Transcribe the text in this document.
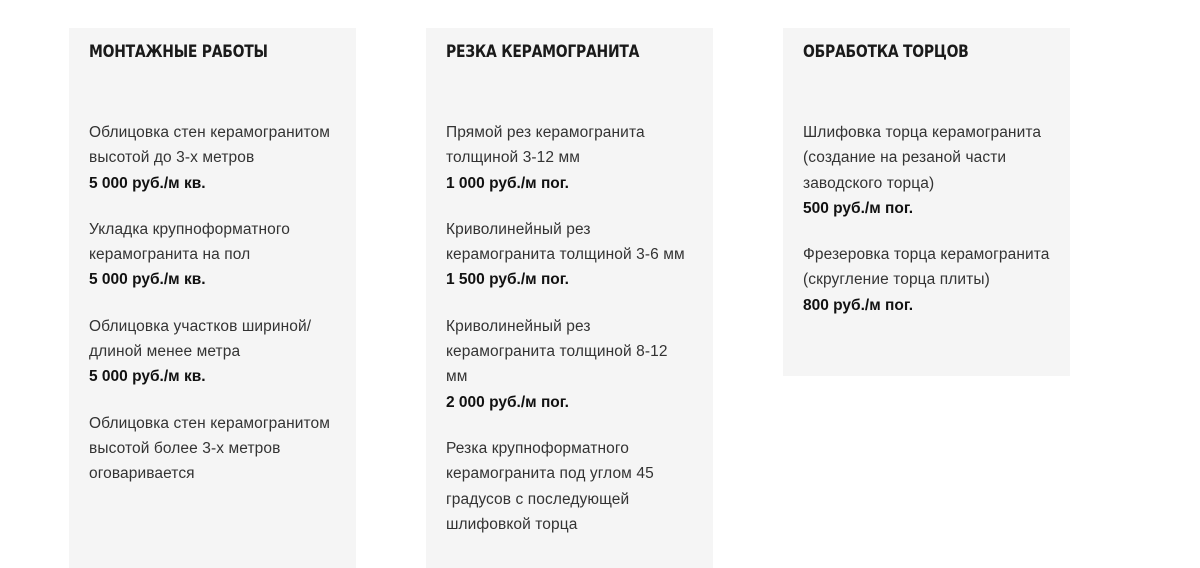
МОНТАЖНЫЕ РАБОТЫ
Облицовка стен керамогранитом высотой до 3-х метров
5 000 руб./м кв.
Укладка крупноформатного керамогранита на пол
5 000 руб./м кв.
Облицовка участков шириной/ длиной менее метра
5 000 руб./м кв.
Облицовка стен керамогранитом высотой более 3-х метров оговаривается
РЕЗКА КЕРАМОГРАНИТА
Прямой рез керамогранита толщиной 3-12 мм
1 000 руб./м пог.
Криволинейный рез керамогранита толщиной 3-6 мм
1 500 руб./м пог.
Криволинейный рез керамогранита толщиной 8-12 мм
2 000 руб./м пог.
Резка крупноформатного керамогранита под углом 45 градусов с последующей шлифовкой торца
ОБРАБОТКА ТОРЦОВ
Шлифовка торца керамогранита (создание на резаной части заводского торца)
500 руб./м пог.
Фрезеровка торца керамогранита (скругление торца плиты)
800 руб./м пог.
